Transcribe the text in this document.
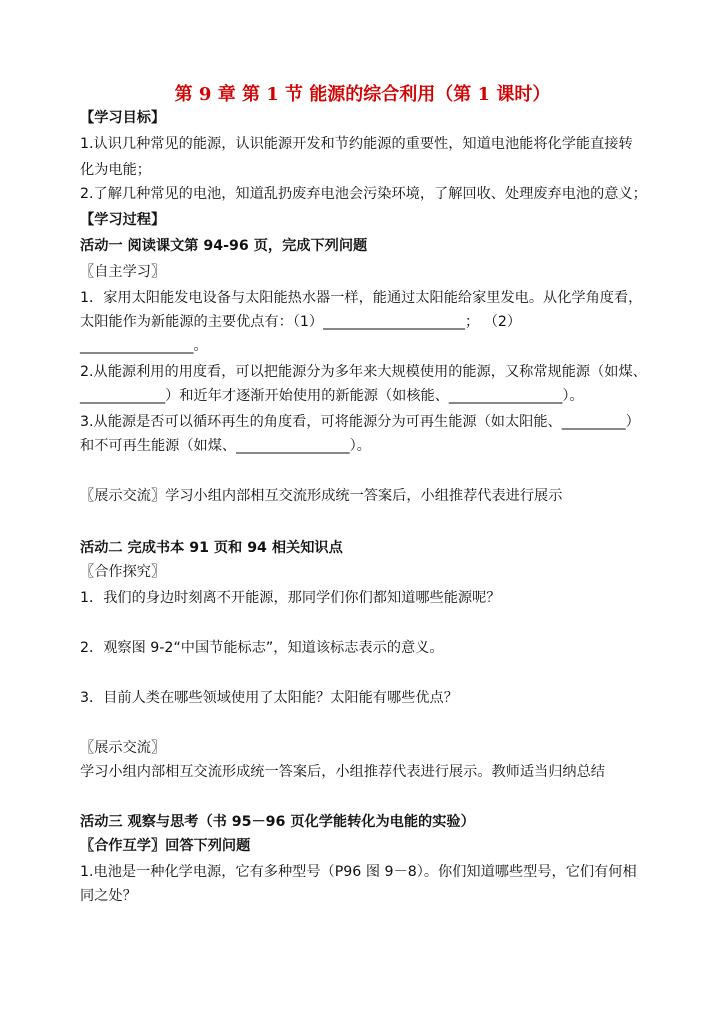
第 9 章 第 1 节 能源的综合利用（第 1 课时）
【学习目标】
1.认识几种常见的能源，认识能源开发和节约能源的重要性，知道电池能将化学能直接转
化为电能；
2.了解几种常见的电池，知道乱扔废弃电池会污染环境，了解回收、处理废弃电池的意义；
【学习过程】
活动一 阅读课文第 94-96 页，完成下列问题
〖自主学习〗
1．家用太阳能发电设备与太阳能热水器一样，能通过太阳能给家里发电。从化学角度看，
太阳能作为新能源的主要优点有：（1）____________________； （2）
________________。
2.从能源利用的用度看，可以把能源分为多年来大规模使用的能源，又称常规能源（如煤、
____________）和近年才逐渐开始使用的新能源（如核能、________________）。
3.从能源是否可以循环再生的角度看，可将能源分为可再生能源（如太阳能、_________）
和不可再生能源（如煤、________________）。
〖展示交流〗学习小组内部相互交流形成统一答案后，小组推荐代表进行展示
活动二 完成书本 91 页和 94 相关知识点
〖合作探究〗
1．我们的身边时刻离不开能源，那同学们你们都知道哪些能源呢？
2．观察图 9-2“中国节能标志”，知道该标志表示的意义。
3．目前人类在哪些领域使用了太阳能？太阳能有哪些优点？
〖展示交流〗
学习小组内部相互交流形成统一答案后，小组推荐代表进行展示。教师适当归纳总结
活动三 观察与思考（书 95－96 页化学能转化为电能的实验）
〖合作互学〗回答下列问题
1.电池是一种化学电源，它有多种型号（P96 图 9－8）。你们知道哪些型号，它们有何相
同之处？
